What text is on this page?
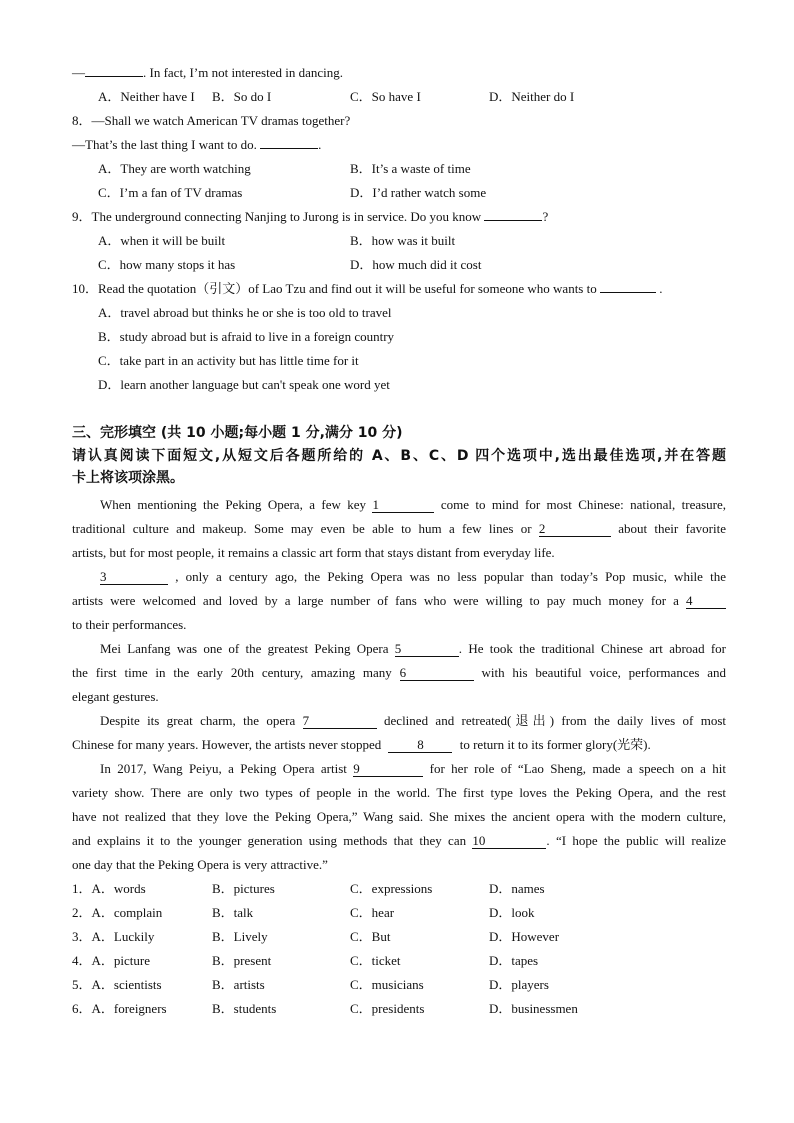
—	. In fact, I’m not interested in dancing.
A．Neither have I B．So do I	C．So have I	D．Neither do I
8．—Shall we watch American TV dramas together?
—That’s the last thing I want to do.	.
A．They are worth watching	B．It’s a waste of time
C．I’m a fan of TV dramas	D．I’d rather watch some
9．The underground connecting Nanjing to Jurong is in service. Do you know	?
A．when it will be built	B．how was it built
C．how many stops it has	D．how much did it cost
10．Read the quotation（引文）of Lao Tzu and find out it will be useful for someone who wants to	.
A．travel abroad but thinks he or she is too old to travel
B．study abroad but is afraid to live in a foreign country
C．take part in an activity but has little time for it
D．learn another language but can't speak one word yet
三、完形填空 (共 10 小题;每小题 1 分,满分 10 分)
请认真阅读下面短文,从短文后各题所给的 A、B、C、D 四个选项中,选出最佳选项,并在答题
卡上将该项涂黑。
When mentioning the Peking Opera, a few key 1	come to mind for most Chinese: national, treasure,
traditional culture and makeup. Some may even be able to hum a few lines or 2	about their favorite
artists, but for most people, it remains a classic art form that stays distant from everyday life.
3	, only a century ago, the Peking Opera was no less popular than today’s Pop music, while the
artists were welcomed and loved by a large number of fans who were willing to pay much money for a 4
to their performances.
Mei Lanfang was one of the greatest Peking Opera 5	. He took the traditional Chinese art abroad for
the first time in the early 20th century, amazing many 6	with his beautiful voice, performances and
elegant gestures.
Despite its great charm, the opera 7	declined and retreated(退出) from the daily lives of most
Chinese for many years. However, the artists never stopped	8	to return it to its former glory(光荣).
In 2017, Wang Peiyu, a Peking Opera artist 9	for her role of “Lao Sheng, made a speech on a hit
variety show. There are only two types of people in the world. The first type loves the Peking Opera, and the rest
have not realized that they love the Peking Opera,” Wang said. She mixes the ancient opera with the modern culture,
and explains it to the younger generation using methods that they can 10	. “I hope the public will realize
one day that the Peking Opera is very attractive.”
1．A．words	B．pictures	C．expressions	D．names
2．A．complain	B．talk	C．hear	D．look
3．A．Luckily	B．Lively	C．But	D．However
4．A．picture	B．present	C．ticket	D．tapes
5．A．scientists	B．artists	C．musicians	D．players
6．A．foreigners	B．students	C．presidents	D．businessmen
